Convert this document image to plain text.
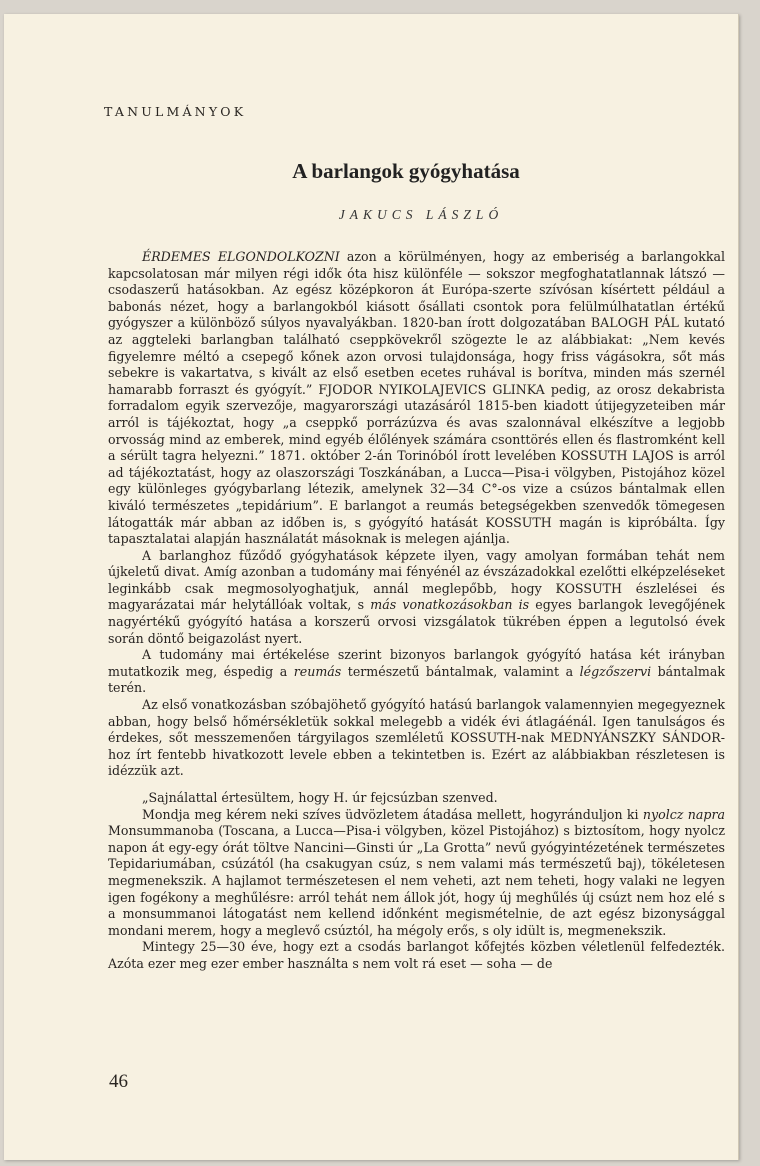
TANULMÁNYOK
A barlangok gyógyhatása
JAKUCS LÁSZLÓ

ÉRDEMES ELGONDOLKOZNI azon a körülményen, hogy az emberiség a barlangokkal kapcsolatosan már milyen régi idők óta hisz különféle — sokszor megfoghatatlannak látszó — csodaszerű hatásokban. Az egész középkoron át Európa-szerte szívósan kísértett például a babonás nézet, hogy a barlangokból kiásott ősállati csontok pora felülmúlhatatlan értékű gyógyszer a különböző súlyos nyavalyákban. 1820-ban írott dolgozatában BALOGH PÁL kutató az aggteleki barlangban található cseppkövekről szögezte le az alábbiakat: „Nem kevés figyelemre méltó a csepegő kőnek azon orvosi tulajdonsága, hogy friss vágásokra, sőt más sebekre is vakartatva, s kivált az első esetben ecetes ruhával is borítva, minden más szernél hamarabb forraszt és gyógyít.” FJODOR NYIKOLAJEVICS GLINKA pedig, az orosz dekabrista forradalom egyik szervezője, magyarországi utazásáról 1815-ben kiadott útijegyzeteiben már arról is tájékoztat, hogy „a cseppkő porrázúzva és avas szalonnával elkészítve a legjobb orvosság mind az emberek, mind egyéb élőlények számára csonttörés ellen és flastromként kell a sérült tagra helyezni.” 1871. október 2-án Torinóból írott levelében KOSSUTH LAJOS is arról ad tájékoztatást, hogy az olaszországi Toszkánában, a Lucca—Pisa-i völgyben, Pistojához közel egy különleges gyógybarlang létezik, amelynek 32—34 C°-os vize a csúzos bántalmak ellen kiváló természetes „tepidárium”. E barlangot a reumás betegségekben szenvedők tömegesen látogatták már abban az időben is, s gyógyító hatását KOSSUTH magán is kipróbálta. Így tapasztalatai alapján használatát másoknak is melegen ajánlja.

A barlanghoz fűződő gyógyhatások képzete ilyen, vagy amolyan formában tehát nem újkeletű divat. Amíg azonban a tudomány mai fényénél az évszázadokkal ezelőtti elképzeléseket leginkább csak megmosolyoghatjuk, annál meglepőbb, hogy KOSSUTH észlelései és magyarázatai már helytállóak voltak, s más vonatkozásokban is egyes barlangok levegőjének nagyértékű gyógyító hatása a korszerű orvosi vizsgálatok tükrében éppen a legutolsó évek során döntő beigazolást nyert.

A tudomány mai értékelése szerint bizonyos barlangok gyógyító hatása két irányban mutatkozik meg, éspedig a reumás természetű bántalmak, valamint a légzőszervi bántalmak terén.

Az első vonatkozásban szóbajöhető gyógyító hatású barlangok valamennyien megegyeznek abban, hogy belső hőmérsékletük sokkal melegebb a vidék évi átlagáénál. Igen tanulságos és érdekes, sőt messzemenően tárgyilagos szemléletű KOSSUTH-nak MEDNYÁNSZKY SÁNDOR-hoz írt fentebb hivatkozott levele ebben a tekintetben is. Ezért az alábbiakban részletesen is idézzük azt.

„Sajnálattal értesültem, hogy H. úr fejcsúzban szenved.

Mondja meg kérem neki szíves üdvözletem átadása mellett, hogyránduljon ki nyolcz napra Monsummanoba (Toscana, a Lucca—Pisa-i völgyben, közel Pistojához) s biztosítom, hogy nyolcz napon át egy-egy órát töltve Nancini—Ginsti úr „La Grotta” nevű gyógyintézetének természetes Tepidariumában, csúzától (ha csakugyan csúz, s nem valami más természetű baj), tökéletesen megmenekszik. A hajlamot természetesen el nem veheti, azt nem teheti, hogy valaki ne legyen igen fogékony a meghűlésre: arról tehát nem állok jót, hogy új meghűlés új csúzt nem hoz elé s a monsummanoi látogatást nem kellend időnként megismételnie, de azt egész bizonysággal mondani merem, hogy a meglevő csúztól, ha mégoly erős, s oly idült is, megmenekszik.

Mintegy 25—30 éve, hogy ezt a csodás barlangot kőfejtés közben véletlenül felfedezték. Azóta ezer meg ezer ember használta s nem volt rá eset — soha — de

46
